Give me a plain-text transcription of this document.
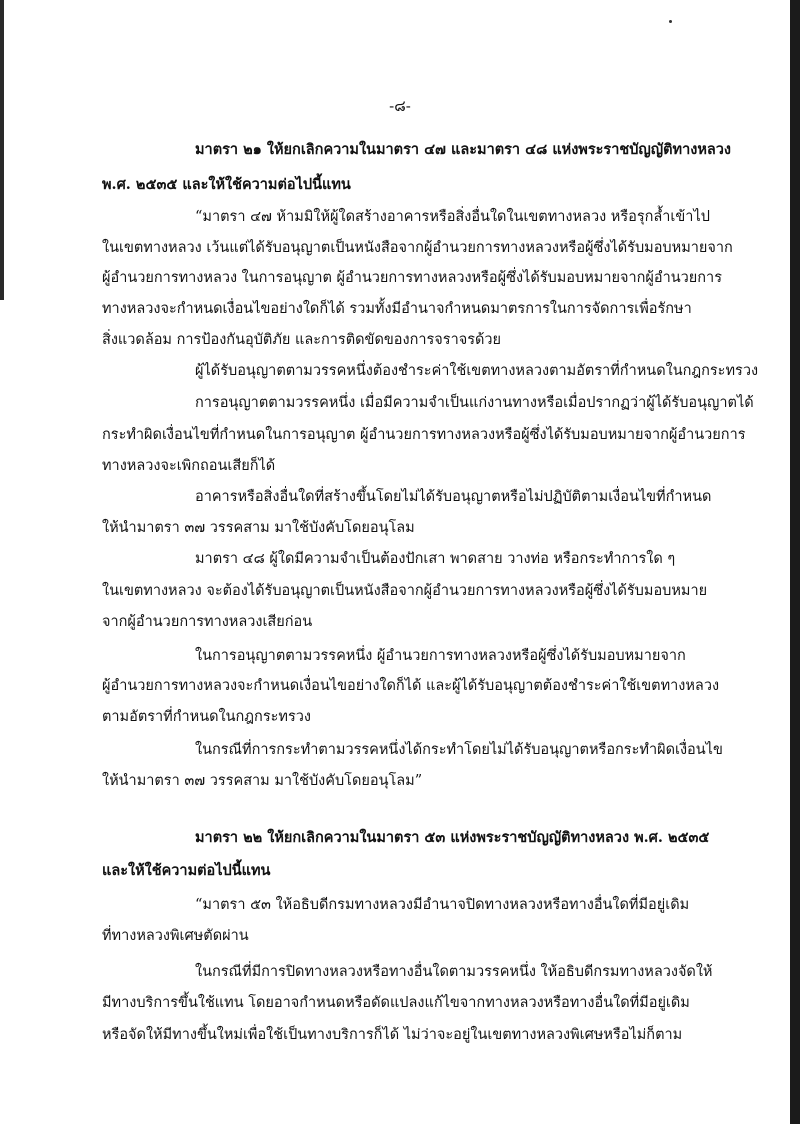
-๘-
มาตรา ๒๑ ให้ยกเลิกความในมาตรา ๔๗ และมาตรา ๔๘ แห่งพระราชบัญญัติทางหลวง
พ.ศ. ๒๕๓๕ และให้ใช้ความต่อไปนี้แทน
“มาตรา ๔๗ ห้ามมิให้ผู้ใดสร้างอาคารหรือสิ่งอื่นใดในเขตทางหลวง หรือรุกล้ำเข้าไป
ในเขตทางหลวง เว้นแต่ได้รับอนุญาตเป็นหนังสือจากผู้อำนวยการทางหลวงหรือผู้ซึ่งได้รับมอบหมายจาก
ผู้อำนวยการทางหลวง ในการอนุญาต ผู้อำนวยการทางหลวงหรือผู้ซึ่งได้รับมอบหมายจากผู้อำนวยการ
ทางหลวงจะกำหนดเงื่อนไขอย่างใดก็ได้ รวมทั้งมีอำนาจกำหนดมาตรการในการจัดการเพื่อรักษา
สิ่งแวดล้อม การป้องกันอุบัติภัย และการติดขัดของการจราจรด้วย
ผู้ได้รับอนุญาตตามวรรคหนึ่งต้องชำระค่าใช้เขตทางหลวงตามอัตราที่กำหนดในกฎกระทรวง
การอนุญาตตามวรรคหนึ่ง เมื่อมีความจำเป็นแก่งานทางหรือเมื่อปรากฏว่าผู้ได้รับอนุญาตได้
กระทำผิดเงื่อนไขที่กำหนดในการอนุญาต ผู้อำนวยการทางหลวงหรือผู้ซึ่งได้รับมอบหมายจากผู้อำนวยการ
ทางหลวงจะเพิกถอนเสียก็ได้
อาคารหรือสิ่งอื่นใดที่สร้างขึ้นโดยไม่ได้รับอนุญาตหรือไม่ปฏิบัติตามเงื่อนไขที่กำหนด
ให้นำมาตรา ๓๗ วรรคสาม มาใช้บังคับโดยอนุโลม
มาตรา ๔๘ ผู้ใดมีความจำเป็นต้องปักเสา พาดสาย วางท่อ หรือกระทำการใด ๆ
ในเขตทางหลวง จะต้องได้รับอนุญาตเป็นหนังสือจากผู้อำนวยการทางหลวงหรือผู้ซึ่งได้รับมอบหมาย
จากผู้อำนวยการทางหลวงเสียก่อน
ในการอนุญาตตามวรรคหนึ่ง ผู้อำนวยการทางหลวงหรือผู้ซึ่งได้รับมอบหมายจาก
ผู้อำนวยการทางหลวงจะกำหนดเงื่อนไขอย่างใดก็ได้ และผู้ได้รับอนุญาตต้องชำระค่าใช้เขตทางหลวง
ตามอัตราที่กำหนดในกฎกระทรวง
ในกรณีที่การกระทำตามวรรคหนึ่งได้กระทำโดยไม่ได้รับอนุญาตหรือกระทำผิดเงื่อนไข
ให้นำมาตรา ๓๗ วรรคสาม มาใช้บังคับโดยอนุโลม”
มาตรา ๒๒ ให้ยกเลิกความในมาตรา ๕๓ แห่งพระราชบัญญัติทางหลวง พ.ศ. ๒๕๓๕
และให้ใช้ความต่อไปนี้แทน
“มาตรา ๕๓ ให้อธิบดีกรมทางหลวงมีอำนาจปิดทางหลวงหรือทางอื่นใดที่มีอยู่เดิม
ที่ทางหลวงพิเศษตัดผ่าน
ในกรณีที่มีการปิดทางหลวงหรือทางอื่นใดตามวรรคหนึ่ง ให้อธิบดีกรมทางหลวงจัดให้
มีทางบริการขึ้นใช้แทน โดยอาจกำหนดหรือดัดแปลงแก้ไขจากทางหลวงหรือทางอื่นใดที่มีอยู่เดิม
หรือจัดให้มีทางขึ้นใหม่เพื่อใช้เป็นทางบริการก็ได้ ไม่ว่าจะอยู่ในเขตทางหลวงพิเศษหรือไม่ก็ตาม
